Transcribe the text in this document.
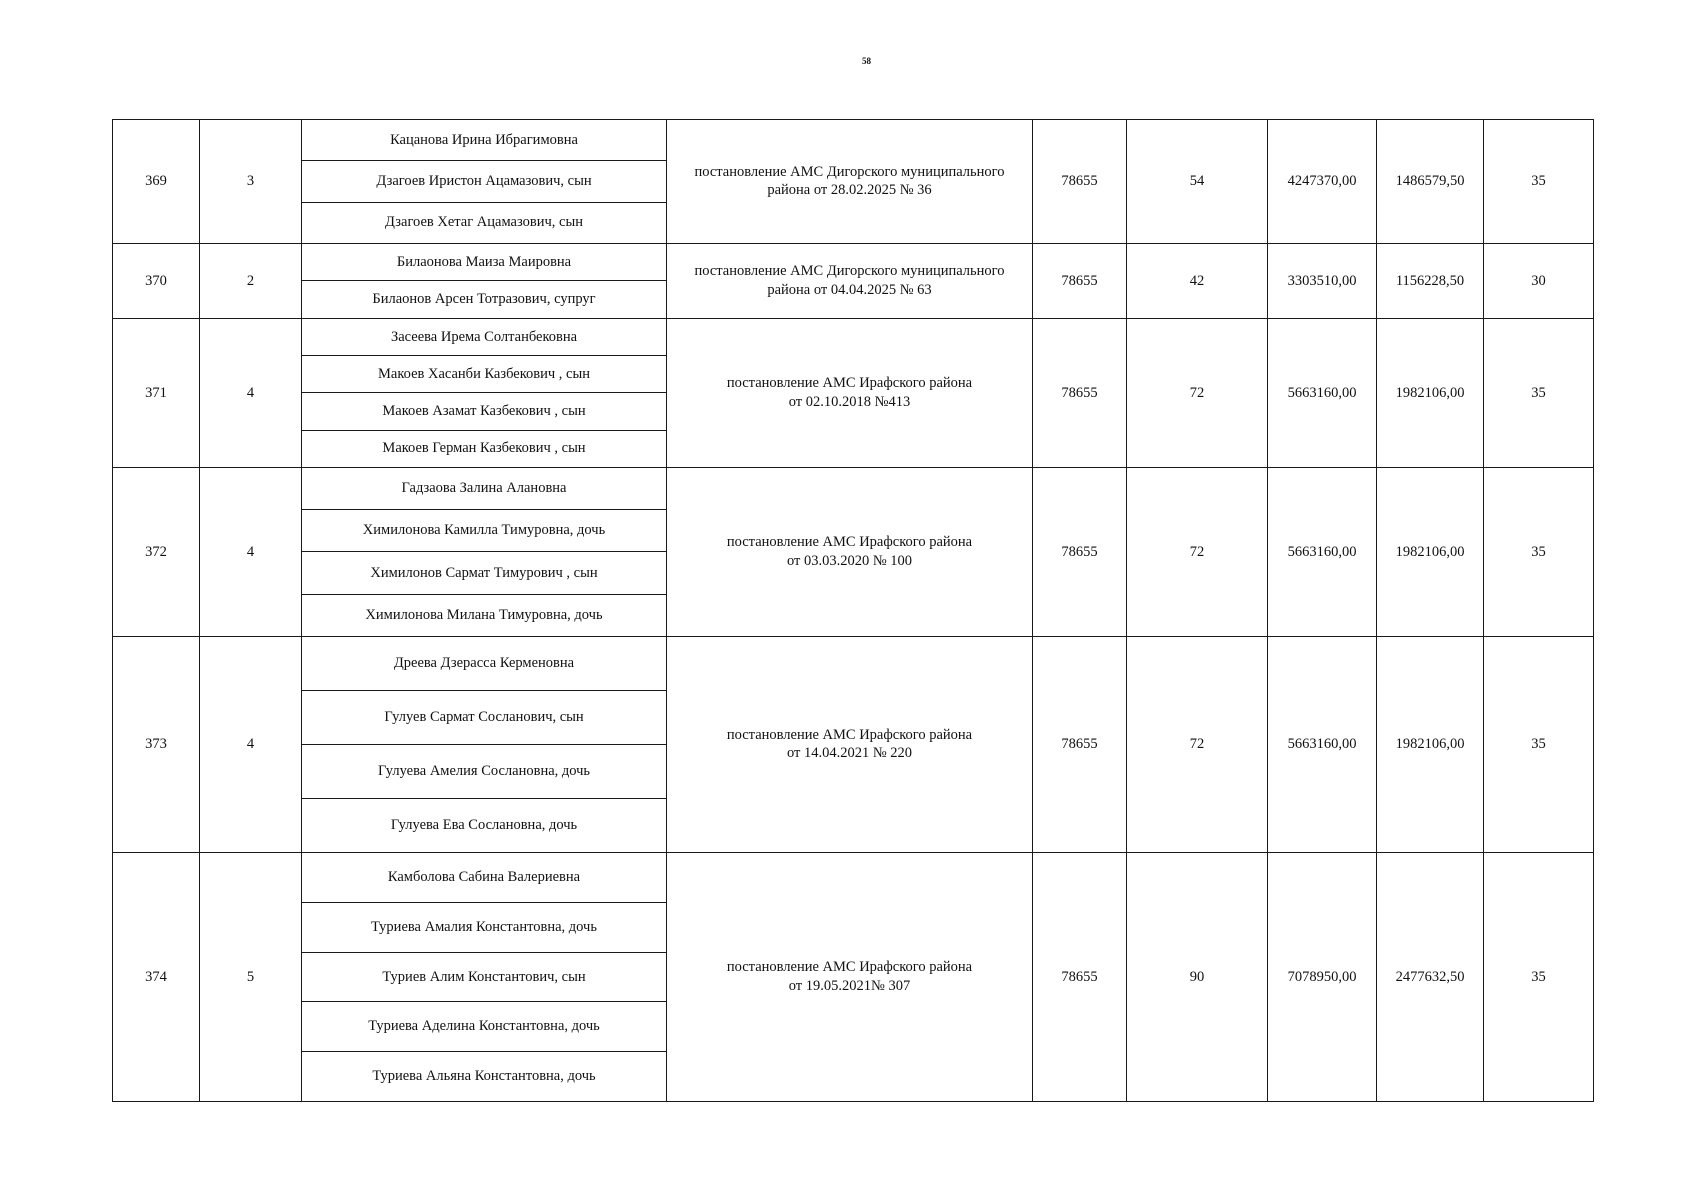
58
369	3	Кацанова Ирина Ибрагимовна	постановление АМС Дигорского муниципального
района от 28.02.2025 № 36	78655	54	4247370,00	1486579,50	35
		Дзагоев Иристон Ацамазович, сын						
		Дзагоев Хетаг Ацамазович, сын						
370	2	Билаонова Маиза Маировна	постановление АМС Дигорского муниципального
района от 04.04.2025 № 63	78655	42	3303510,00	1156228,50	30
		Билаонов Арсен Тотразович, супруг						
371	4	Засеева Ирема Солтанбековна	постановление АМС Ирафского района
от 02.10.2018 №413	78655	72	5663160,00	1982106,00	35
		Макоев Хасанби Казбекович , сын						
		Макоев Азамат Казбекович , сын						
		Макоев Герман Казбекович , сын						
372	4	Гадзаова Залина Алановна	постановление АМС Ирафского района
от 03.03.2020 № 100	78655	72	5663160,00	1982106,00	35
		Химилонова Камилла Тимуровна, дочь						
		Химилонов Сармат Тимурович , сын						
		Химилонова Милана Тимуровна, дочь						
373	4	Дреева Дзерасса Керменовна	постановление АМС Ирафского района
от 14.04.2021 № 220	78655	72	5663160,00	1982106,00	35
		Гулуев Сармат Сосланович, сын						
		Гулуева Амелия Сослановна, дочь						
		Гулуева Ева Сослановна, дочь						
374	5	Камболова Сабина Валериевна	постановление АМС Ирафского района
от 19.05.2021№ 307	78655	90	7078950,00	2477632,50	35
		Туриева Амалия Константовна, дочь						
		Туриев Алим Константович, сын						
		Туриева Аделина Константовна, дочь						
		Туриева Альяна Константовна, дочь						
